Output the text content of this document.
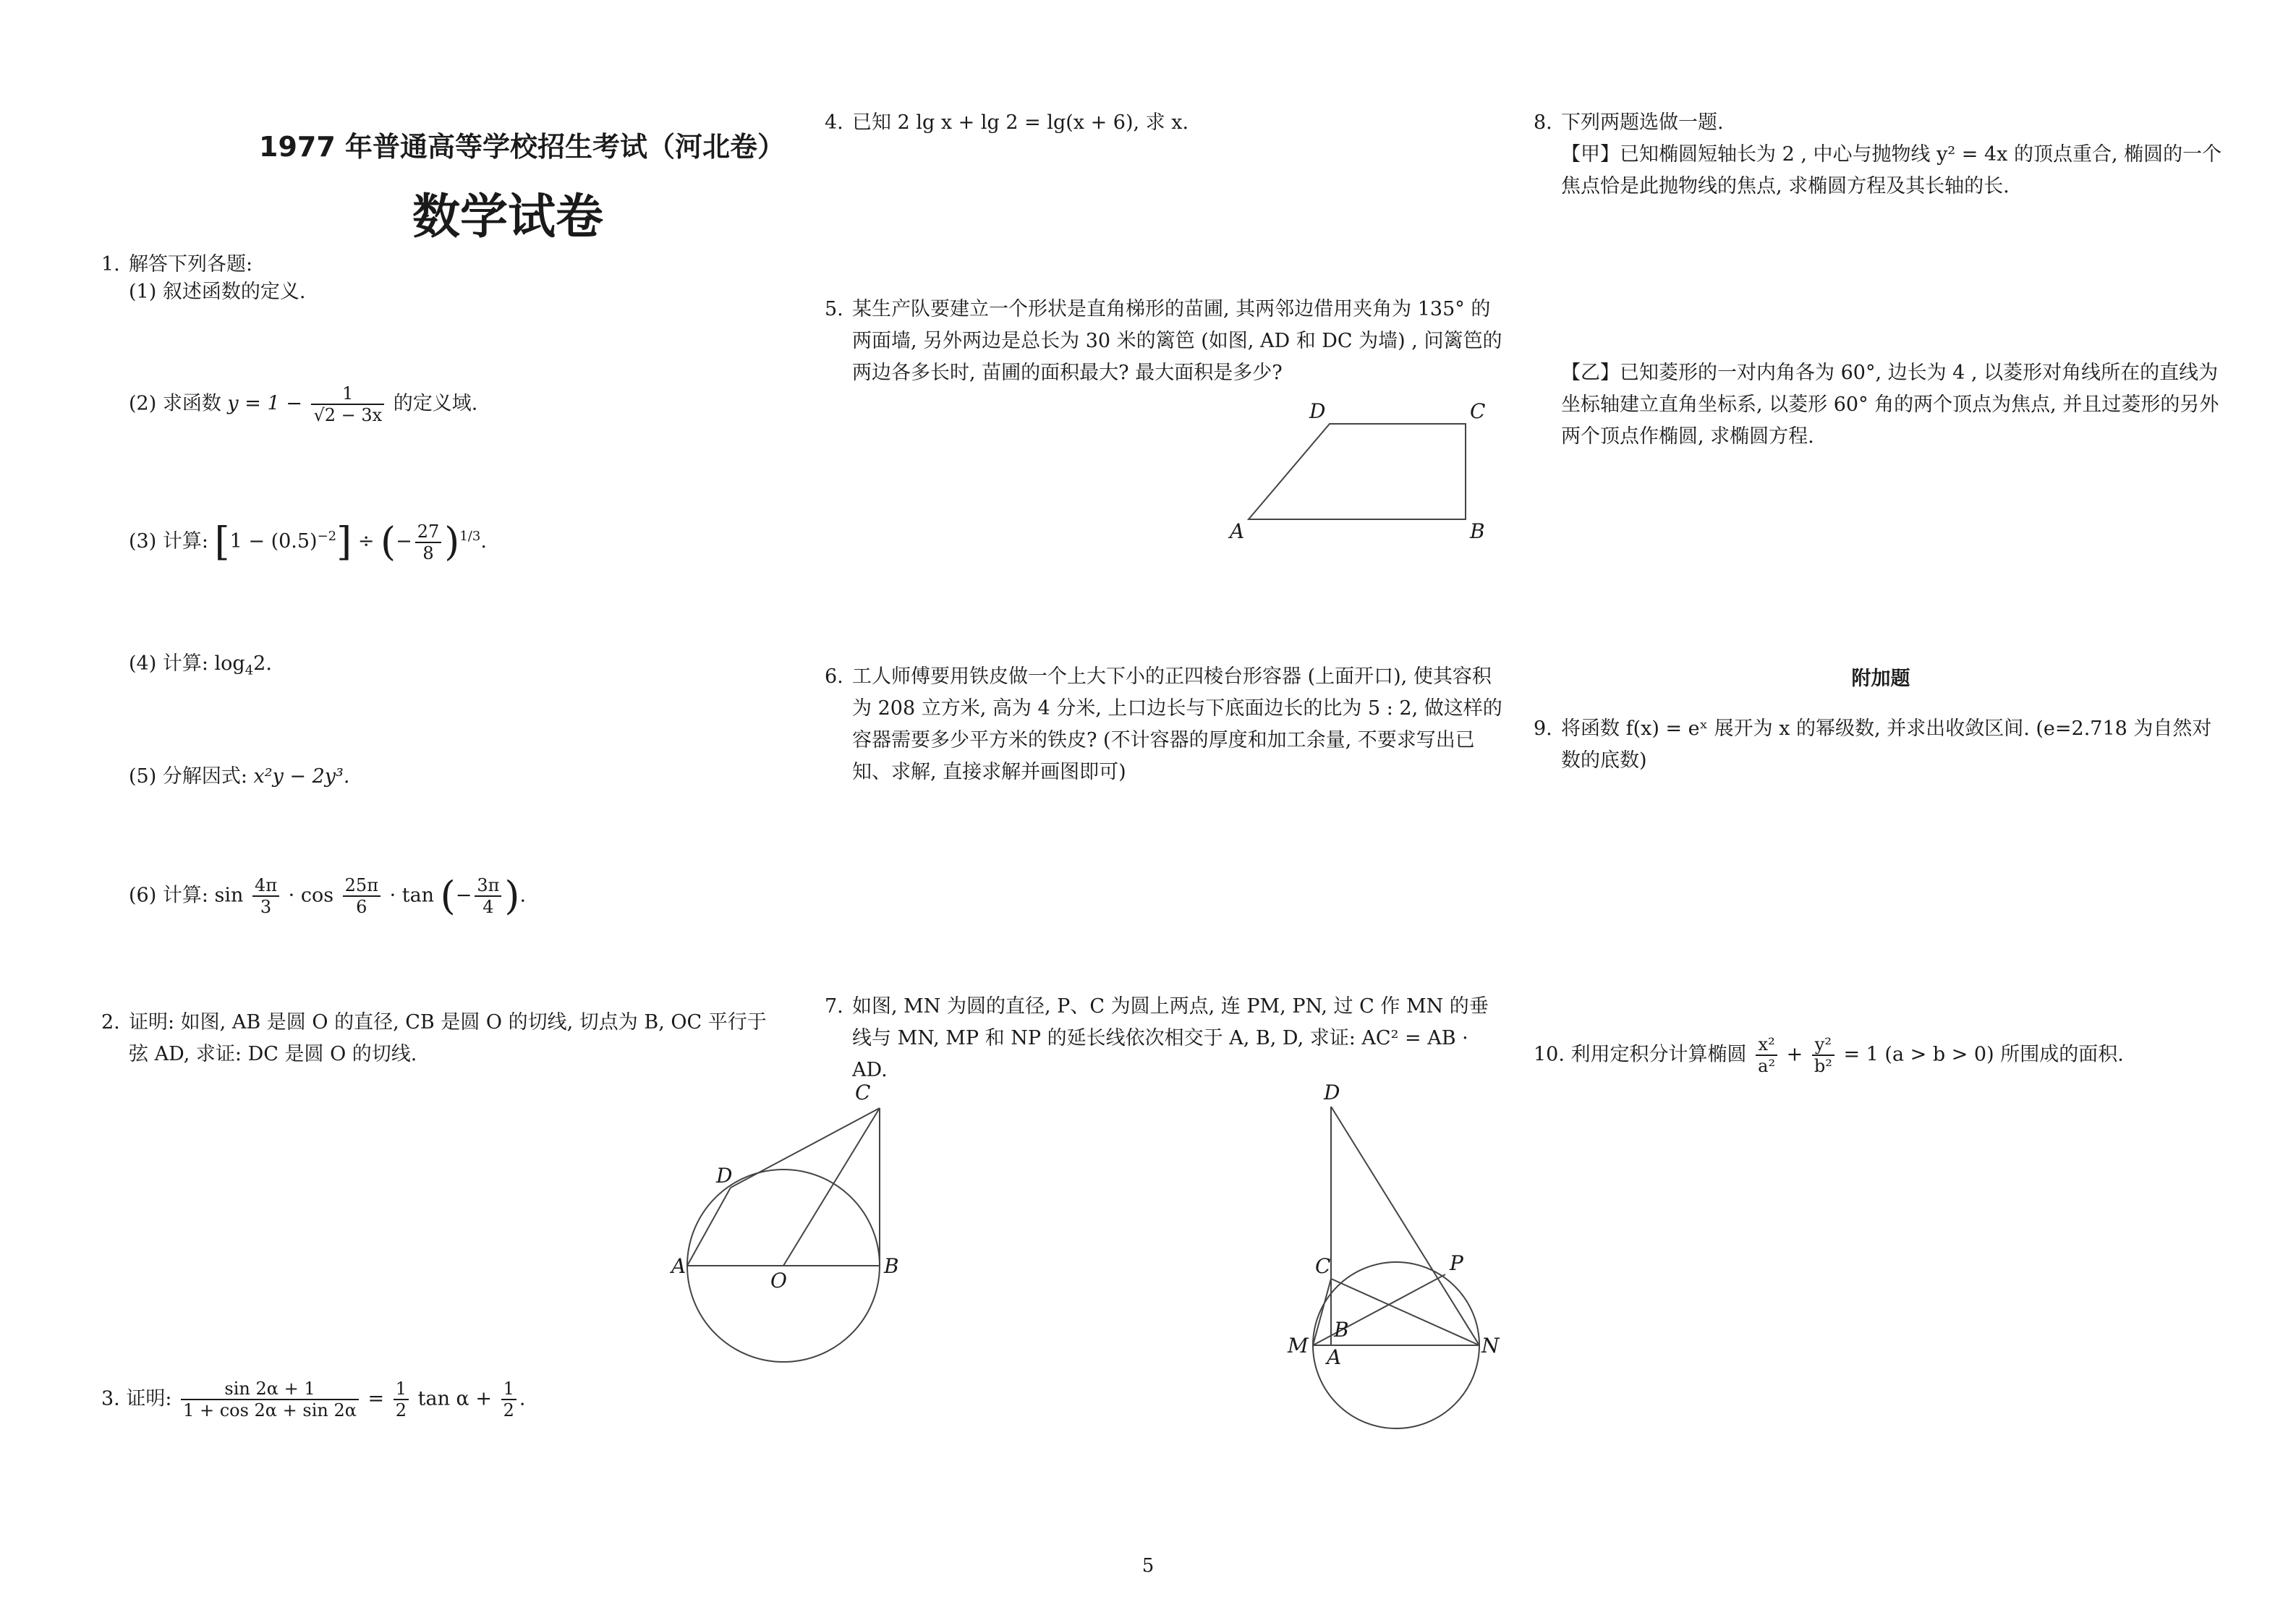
1977 年普通高等学校招生考试（河北卷）
数学试卷
1. 解答下列各题:
(1) 叙述函数的定义.
(2) 求函数 $y = 1 - \frac{1}{√2 - 3x}$ 的定义域.
(3) 计算: $[1 - (0.5)^{-2}]$ ÷ (− $\frac{27}{8} )^{1/3}$.
(4) 计算: $\log_42$.
(5) 分解因式: x²y − 2y³.
(6) 计算: $\sin \frac{4\pi}{3} \cdot \cos \frac{25\pi}{6} \cdot \tan$ (− $\frac{3\pi}{4}$ ).
2. 证明: 如图, AB 是圆 O 的直径, CB 是圆 O 的切线, 切点为 B, OC 平行于弦 AD, 求证: DC 是圆 O 的切线.
C
D
A
O
B
3. 证明: $\frac{\sin 2\alpha + 1}{1 + \cos 2\alpha + \sin 2\alpha} = \frac{1}{2}$ $\tan \alpha + \frac{1}{2}$ .
4. 已知 2 lg x + lg 2 = lg(x + 6), 求 x.
5. 某生产队要建立一个形状是直角梯形的苗圃, 其两邻边借用夹角为 135° 的两面墙, 另外两边是总长为 30 米的篱笆 (如图, AD 和 DC 为墙) , 问篱笆的两边各多长时, 苗圃的面积最大? 最大面积是多少?
D	C
A	B
6. 工人师傅要用铁皮做一个上大下小的正四棱台形容器 (上面开口), 使其容积为 208 立方米, 高为 4 分米, 上口边长与下底面边长的比为 5 : 2, 做这样的容器需要多少平方米的铁皮? (不计容器的厚度和加工余量, 不要求写出已知、求解, 直接求解并画图即可)
7. 如图, MN 为圆的直径, P、C 为圆上两点, 连 PM, PN, 过 C 作 MN 的垂线与 MN, MP 和 NP 的延长线依次相交于 A, B, D, 求证: AC² = AB · AD.
D
C	P
M
B
A	N
8. 下列两题选做一题.
【甲】已知椭圆短轴长为 2 , 中心与抛物线 y² = 4x 的顶点重合, 椭圆的一个焦点恰是此抛物线的焦点, 求椭圆方程及其长轴的长.
【乙】已知菱形的一对内角各为 60°, 边长为 4 , 以菱形对角线所在的直线为坐标轴建立直角坐标系, 以菱形 60° 角的两个顶点为焦点, 并且过菱形的另外两个顶点作椭圆, 求椭圆方程.
附加题
9. 将函数 f(x) = eˣ 展开为 x 的幂级数, 并求出收敛区间. (e=2.718 为自然对数的底数)
10. 利用定积分计算椭圆 $\frac{\text{x²}}{\text{a²}} + \frac{\text{y²}}{\text{b²}} = 1$ (a > b > 0) 所围成的面积.
5
